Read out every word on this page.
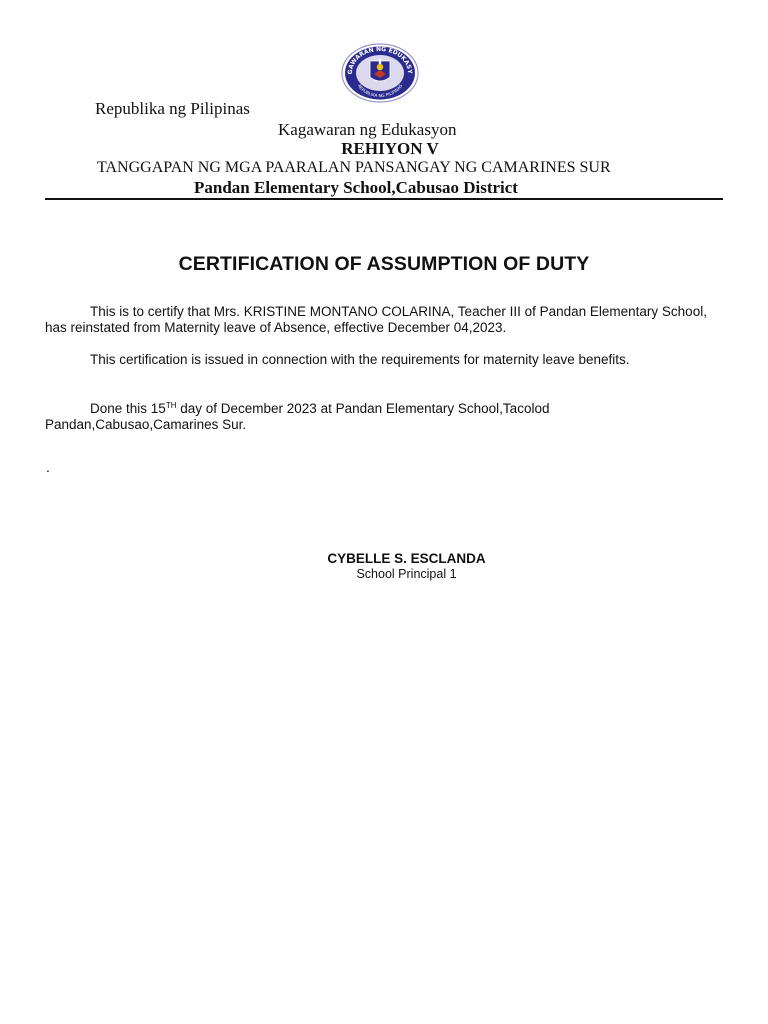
GAWARAN NG EDUKASY
REPUBLIKA NG PILIPINAS
Republika ng Pilipinas
Kagawaran ng Edukasyon
REHIYON V
TANGGAPAN NG MGA PAARALAN PANSANGAY NG CAMARINES SUR
Pandan Elementary School,Cabusao District
CERTIFICATION OF ASSUMPTION OF DUTY
This is to certify that Mrs. KRISTINE MONTANO COLARINA, Teacher III of Pandan Elementary School, has reinstated from Maternity leave of Absence, effective December 04,2023.
This certification is issued in connection with the requirements for maternity leave benefits.
Done this 15TH day of December 2023 at Pandan Elementary School,Tacolod Pandan,Cabusao,Camarines Sur.
.
CYBELLE S. ESCLANDA
School Principal 1
